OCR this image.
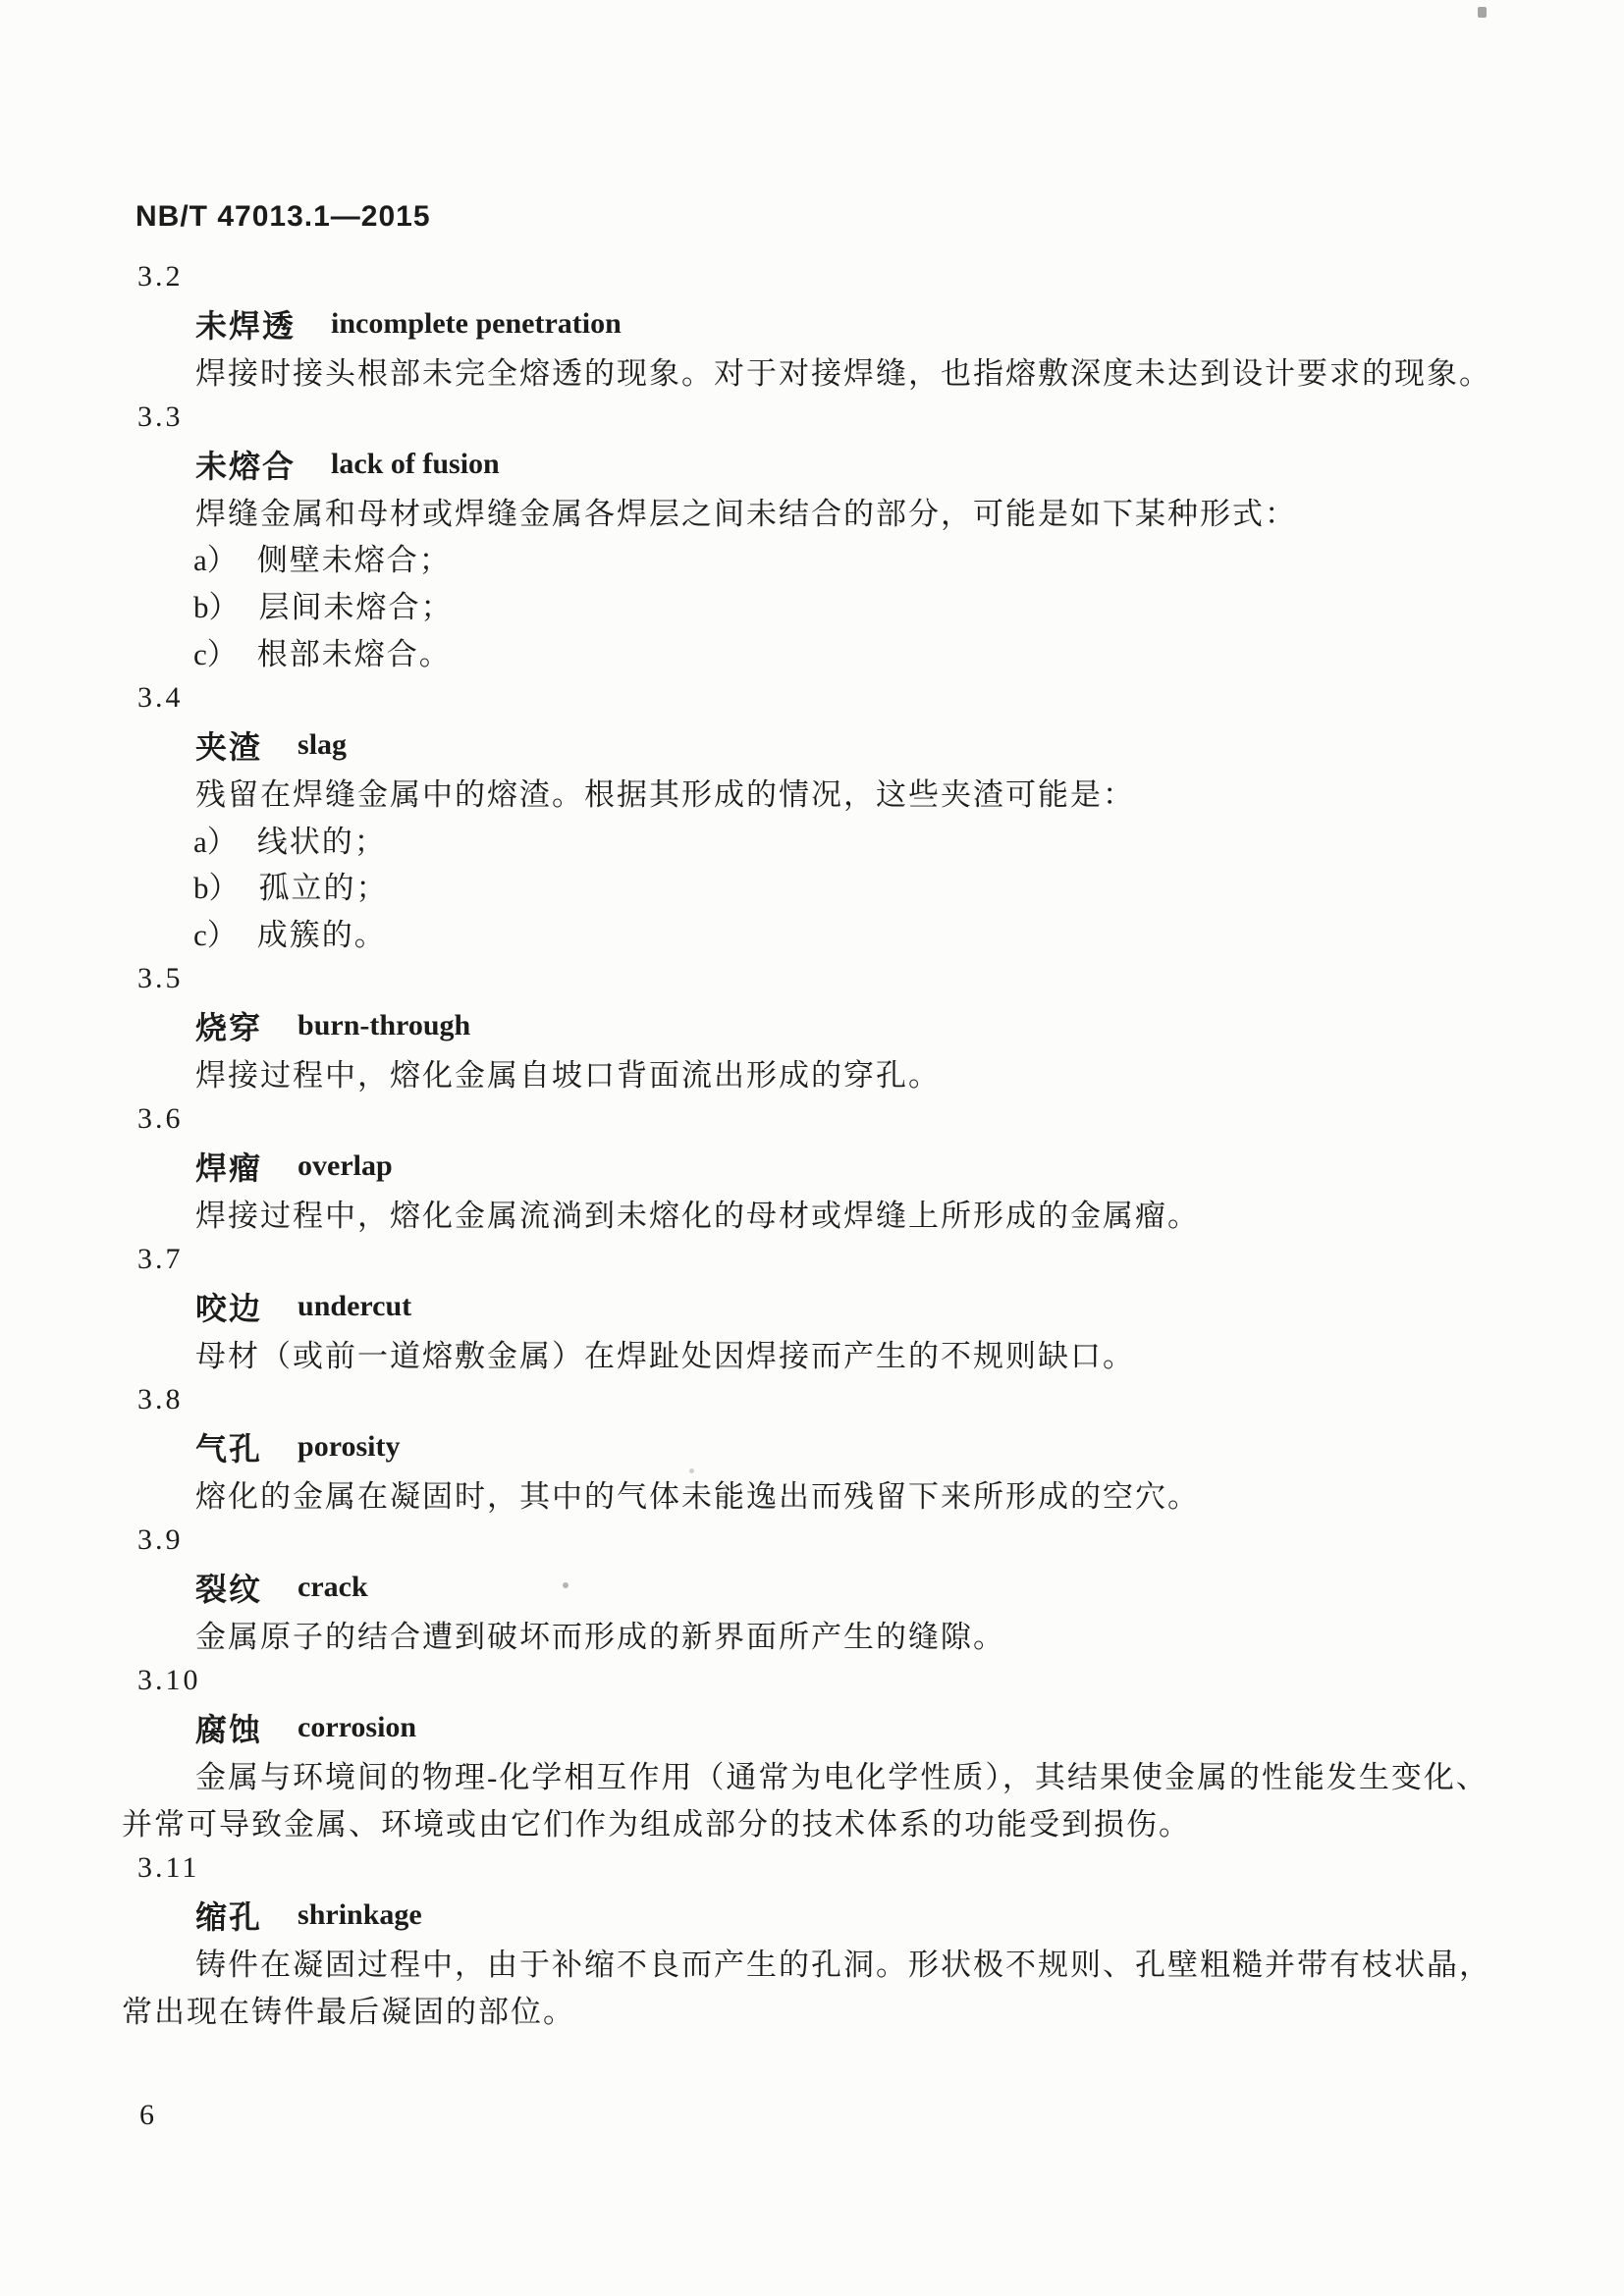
NB/T 47013.1—2015
3.2
未焊透 incomplete penetration
焊接时接头根部未完全熔透的现象。对于对接焊缝，也指熔敷深度未达到设计要求的现象。
3.3
未熔合 lack of fusion
焊缝金属和母材或焊缝金属各焊层之间未结合的部分，可能是如下某种形式：
a） 侧壁未熔合；
b） 层间未熔合；
c） 根部未熔合。
3.4
夹渣 slag
残留在焊缝金属中的熔渣。根据其形成的情况，这些夹渣可能是：
a） 线状的；
b） 孤立的；
c） 成簇的。
3.5
烧穿 burn-through
焊接过程中，熔化金属自坡口背面流出形成的穿孔。
3.6
焊瘤 overlap
焊接过程中，熔化金属流淌到未熔化的母材或焊缝上所形成的金属瘤。
3.7
咬边 undercut
母材（或前一道熔敷金属）在焊趾处因焊接而产生的不规则缺口。
3.8
气孔 porosity
熔化的金属在凝固时，其中的气体未能逸出而残留下来所形成的空穴。
3.9
裂纹 crack
金属原子的结合遭到破坏而形成的新界面所产生的缝隙。
3.10
腐蚀 corrosion
金属与环境间的物理-化学相互作用（通常为电化学性质），其结果使金属的性能发生变化、
并常可导致金属、环境或由它们作为组成部分的技术体系的功能受到损伤。
3.11
缩孔 shrinkage
铸件在凝固过程中，由于补缩不良而产生的孔洞。形状极不规则、孔壁粗糙并带有枝状晶，
常出现在铸件最后凝固的部位。
6
